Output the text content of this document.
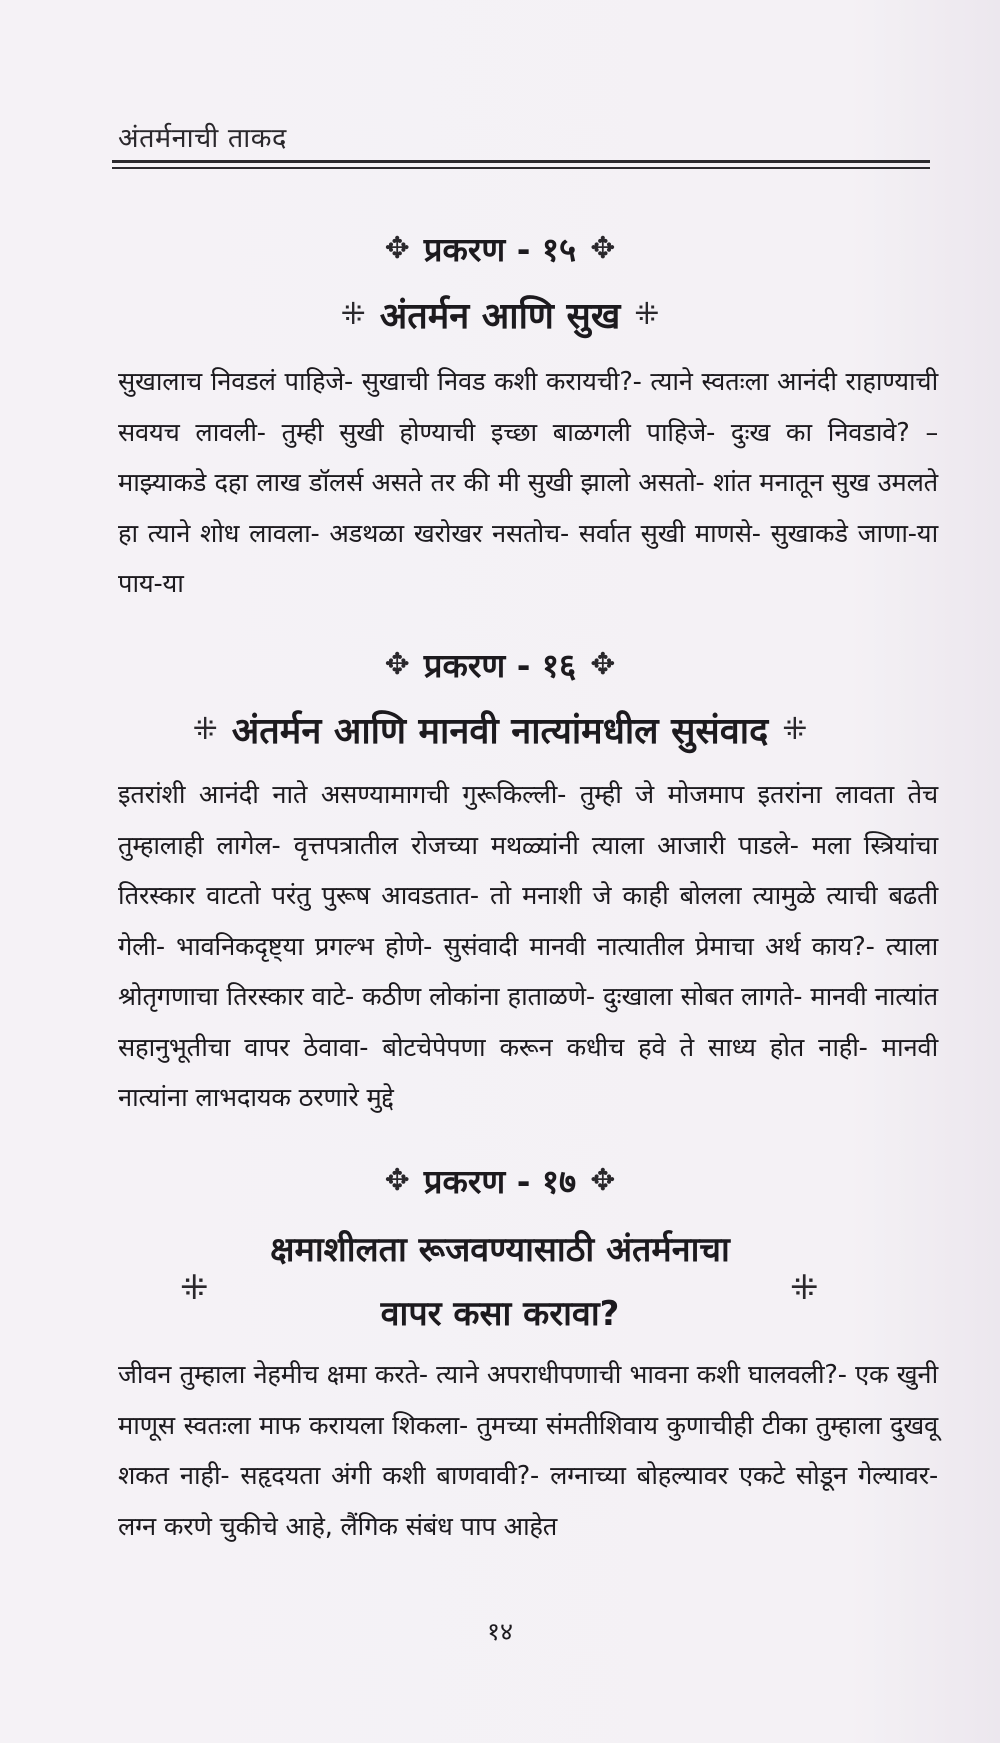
अंतर्मनाची ताकद
✥ प्रकरण - १५ ✥
⁜ अंतर्मन आणि सुख ⁜
सुखालाच निवडलं पाहिजे- सुखाची निवड कशी करायची?- त्याने स्वतःला आनंदी राहाण्याची सवयच लावली- तुम्ही सुखी होण्याची इच्छा बाळगली पाहिजे- दुःख का निवडावे? – माझ्याकडे दहा लाख डॉलर्स असते तर की मी सुखी झालो असतो- शांत मनातून सुख उमलते हा त्याने शोध लावला- अडथळा खरोखर नसतोच- सर्वात सुखी माणसे- सुखाकडे जाणा-या पाय-या
✥ प्रकरण - १६ ✥
⁜ अंतर्मन आणि मानवी नात्यांमधील सुसंवाद ⁜
इतरांशी आनंदी नाते असण्यामागची गुरूकिल्ली- तुम्ही जे मोजमाप इतरांना लावता तेच तुम्हालाही लागेल- वृत्तपत्रातील रोजच्या मथळ्यांनी त्याला आजारी पाडले- मला स्त्रियांचा तिरस्कार वाटतो परंतु पुरूष आवडतात- तो मनाशी जे काही बोलला त्यामुळे त्याची बढती गेली- भावनिकदृष्ट्या प्रगल्भ होणे- सुसंवादी मानवी नात्यातील प्रेमाचा अर्थ काय?- त्याला श्रोतृगणाचा तिरस्कार वाटे- कठीण लोकांना हाताळणे- दुःखाला सोबत लागते- मानवी नात्यांत सहानुभूतीचा वापर ठेवावा- बोटचेपेपणा करून कधीच हवे ते साध्य होत नाही- मानवी नात्यांना लाभदायक ठरणारे मुद्दे
✥ प्रकरण - १७ ✥
⁜	⁜
क्षमाशीलता रूजवण्यासाठी अंतर्मनाचा
वापर कसा करावा?
जीवन तुम्हाला नेहमीच क्षमा करते- त्याने अपराधीपणाची भावना कशी घालवली?- एक खुनी माणूस स्वतःला माफ करायला शिकला- तुमच्या संमतीशिवाय कुणाचीही टीका तुम्हाला दुखवू शकत नाही- सहृदयता अंगी कशी बाणवावी?- लग्नाच्या बोहल्यावर एकटे सोडून गेल्यावर- लग्न करणे चुकीचे आहे, लैंगिक संबंध पाप आहेत
१४
